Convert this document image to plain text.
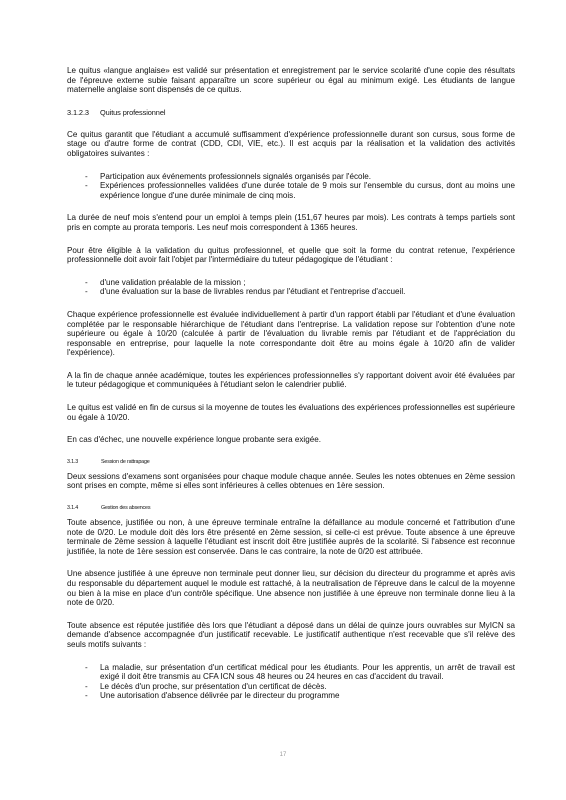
Le quitus «langue anglaise» est validé sur présentation et enregistrement par le service scolarité d'une copie des résultats de l'épreuve externe subie faisant apparaître un score supérieur ou égal au minimum exigé. Les étudiants de langue maternelle anglaise sont dispensés de ce quitus.

3.1.2.3 Quitus professionnel

Ce quitus garantit que l'étudiant a accumulé suffisamment d'expérience professionnelle durant son cursus, sous forme de stage ou d'autre forme de contrat (CDD, CDI, VIE, etc.). Il est acquis par la réalisation et la validation des activités obligatoires suivantes :

- Participation aux événements professionnels signalés organisés par l'école.
- Expériences professionnelles validées d'une durée totale de 9 mois sur l'ensemble du cursus, dont au moins une expérience longue d'une durée minimale de cinq mois.

La durée de neuf mois s'entend pour un emploi à temps plein (151,67 heures par mois). Les contrats à temps partiels sont pris en compte au prorata temporis. Les neuf mois correspondent à 1365 heures.

Pour être éligible à la validation du quitus professionnel, et quelle que soit la forme du contrat retenue, l'expérience professionnelle doit avoir fait l'objet par l'intermédiaire du tuteur pédagogique de l'étudiant :

- d'une validation préalable de la mission ;
- d'une évaluation sur la base de livrables rendus par l'étudiant et l'entreprise d'accueil.

Chaque expérience professionnelle est évaluée individuellement à partir d'un rapport établi par l'étudiant et d'une évaluation complétée par le responsable hiérarchique de l'étudiant dans l'entreprise. La validation repose sur l'obtention d'une note supérieure ou égale à 10/20 (calculée à partir de l'évaluation du livrable remis par l'étudiant et de l'appréciation du responsable en entreprise, pour laquelle la note correspondante doit être au moins égale à 10/20 afin de valider l'expérience).

A la fin de chaque année académique, toutes les expériences professionnelles s'y rapportant doivent avoir été évaluées par le tuteur pédagogique et communiquées à l'étudiant selon le calendrier publié.

Le quitus est validé en fin de cursus si la moyenne de toutes les évaluations des expériences professionnelles est supérieure ou égale à 10/20.

En cas d'échec, une nouvelle expérience longue probante sera exigée.

3.1.3	Session de rattrapage

Deux sessions d'examens sont organisées pour chaque module chaque année. Seules les notes obtenues en 2ème session sont prises en compte, même si elles sont inférieures à celles obtenues en 1ère session.

3.1.4	Gestion des absences

Toute absence, justifiée ou non, à une épreuve terminale entraîne la défaillance au module concerné et l'attribution d'une note de 0/20. Le module doit dès lors être présenté en 2ème session, si celle-ci est prévue. Toute absence à une épreuve terminale de 2ème session à laquelle l'étudiant est inscrit doit être justifiée auprès de la scolarité. Si l'absence est reconnue justifiée, la note de 1ère session est conservée. Dans le cas contraire, la note de 0/20 est attribuée.

Une absence justifiée à une épreuve non terminale peut donner lieu, sur décision du directeur du programme et après avis du responsable du département auquel le module est rattaché, à la neutralisation de l'épreuve dans le calcul de la moyenne ou bien à la mise en place d'un contrôle spécifique. Une absence non justifiée à une épreuve non terminale donne lieu à la note de 0/20.

Toute absence est réputée justifiée dès lors que l'étudiant a déposé dans un délai de quinze jours ouvrables sur MyICN sa demande d'absence accompagnée d'un justificatif recevable. Le justificatif authentique n'est recevable que s'il relève des seuls motifs suivants :

- La maladie, sur présentation d'un certificat médical pour les étudiants. Pour les apprentis, un arrêt de travail est exigé il doit être transmis au CFA ICN sous 48 heures ou 24 heures en cas d'accident du travail.
- Le décès d'un proche, sur présentation d'un certificat de décès.
- Une autorisation d'absence délivrée par le directeur du programme
17
